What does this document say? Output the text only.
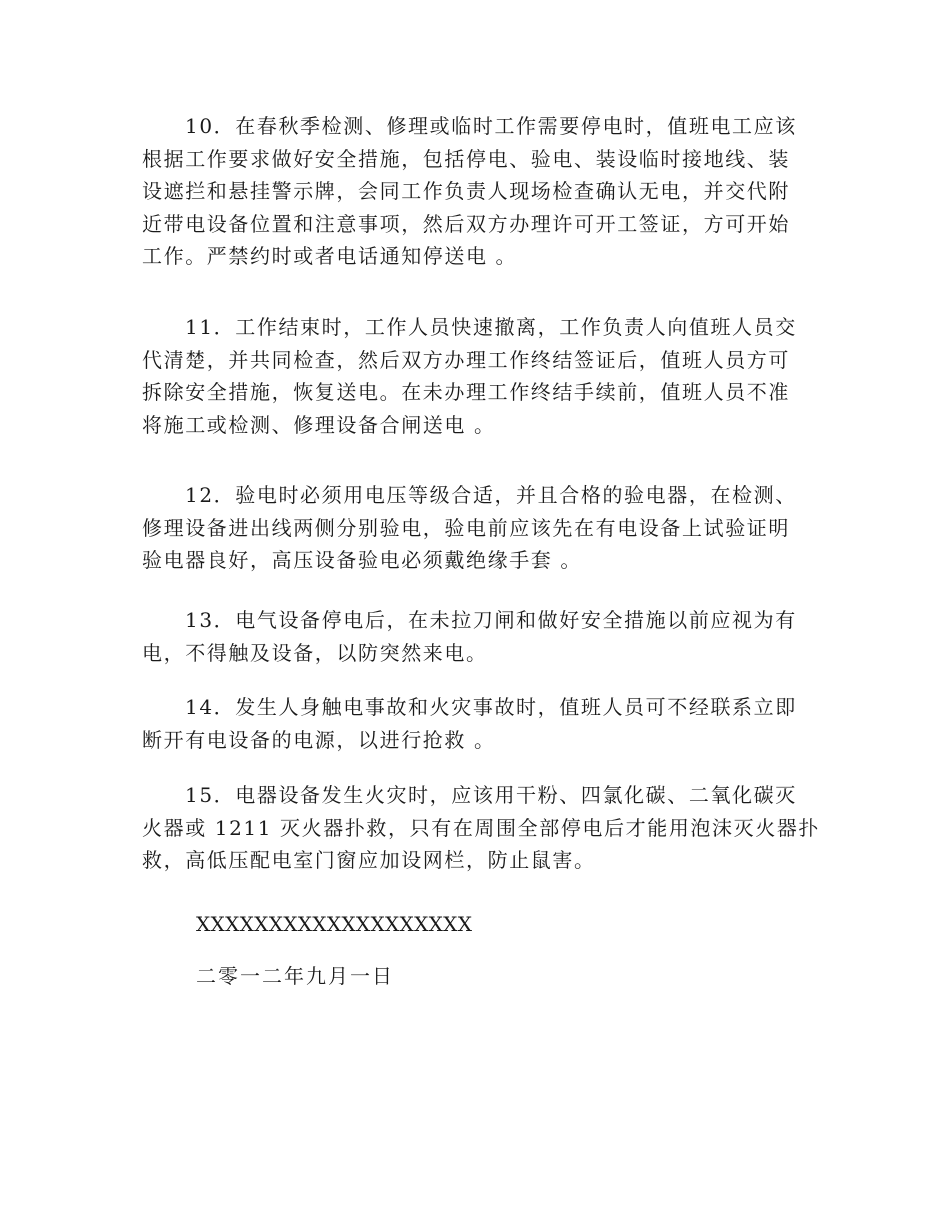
10．在春秋季检测、修理或临时工作需要停电时，值班电工应该
根据工作要求做好安全措施，包括停电、验电、装设临时接地线、装
设遮拦和悬挂警示牌，会同工作负责人现场检查确认无电，并交代附
近带电设备位置和注意事项，然后双方办理许可开工签证，方可开始
工作。严禁约时或者电话通知停送电 。
11．工作结束时，工作人员快速撤离，工作负责人向值班人员交
代清楚，并共同检查，然后双方办理工作终结签证后，值班人员方可
拆除安全措施，恢复送电。在未办理工作终结手续前，值班人员不准
将施工或检测、修理设备合闸送电 。
12．验电时必须用电压等级合适，并且合格的验电器，在检测、
修理设备进出线两侧分别验电，验电前应该先在有电设备上试验证明
验电器良好，高压设备验电必须戴绝缘手套 。
13．电气设备停电后，在未拉刀闸和做好安全措施以前应视为有
电，不得触及设备，以防突然来电。
14．发生人身触电事故和火灾事故时，值班人员可不经联系立即
断开有电设备的电源，以进行抢救 。
15．电器设备发生火灾时，应该用干粉、四氯化碳、二氧化碳灭
火器或 1211 灭火器扑救，只有在周围全部停电后才能用泡沫灭火器扑
救，高低压配电室门窗应加设网栏，防止鼠害。
XXXXXXXXXXXXXXXXXXX
二零一二年九月一日
